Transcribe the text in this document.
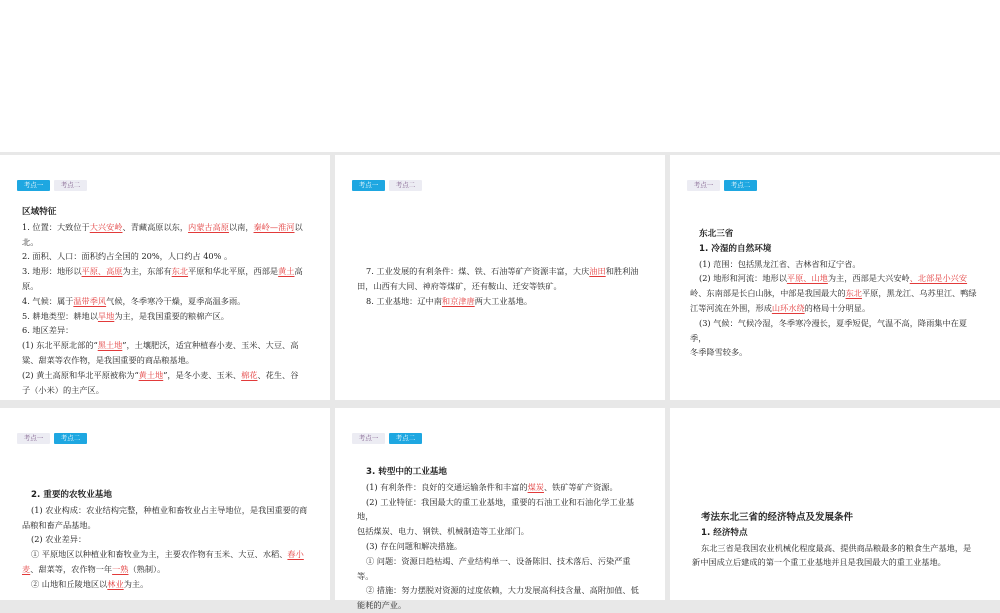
考点一	考点二

区域特征

1. 位置：大致位于大兴安岭、青藏高原以东，内蒙古高原以南，秦岭—淮河以

北。

2. 面积、人口：面积约占全国的 20%，人口约占 40% 。

3. 地形：地形以平原、高原为主，东部有东北平原和华北平原，西部是黄土高

原。

4. 气候：属于温带季风气候，冬季寒冷干燥，夏季高温多雨。

5. 耕地类型：耕地以旱地为主，是我国重要的粮棉产区。

6. 地区差异：

(1) 东北平原北部的“黑土地”，土壤肥沃，适宜种植春小麦、玉米、大豆、高

粱、甜菜等农作物，是我国重要的商品粮基地。

(2) 黄土高原和华北平原被称为“黄土地”，是冬小麦、玉米、棉花、花生、谷

子（小米）的主产区。

考点一	考点二

7. 工业发展的有利条件：煤、铁、石油等矿产资源丰富，大庆油田和胜利油

田，山西有大同、神府等煤矿，还有鞍山、迁安等铁矿。

8. 工业基地：辽中南和京津唐两大工业基地。

考点一	考点二

东北三省

1. 冷湿的自然环境

(1) 范围：包括黑龙江省、吉林省和辽宁省。

(2) 地形和河流：地形以平原、山地为主，西部是大兴安岭、北部是小兴安

岭、东南部是长白山脉，中部是我国最大的东北平原，黑龙江、乌苏里江、鸭绿

江等河流在外围，形成山环水绕的格局十分明显。

(3) 气候：气候冷湿，冬季寒冷漫长，夏季短促，气温不高，降雨集中在夏季，

冬季降雪较多。

考点一	考点二

2. 重要的农牧业基地

(1) 农业构成：农业结构完整，种植业和畜牧业占主导地位，是我国重要的商

品粮和畜产品基地。

(2) 农业差异：

① 平原地区以种植业和畜牧业为主，主要农作物有玉米、大豆、水稻、春小

麦、甜菜等，农作物一年一熟（熟制）。

② 山地和丘陵地区以林业为主。

考点一	考点二

3. 转型中的工业基地

(1) 有利条件：良好的交通运输条件和丰富的煤炭、铁矿等矿产资源。

(2) 工业特征：我国最大的重工业基地，重要的石油工业和石油化学工业基地，

包括煤炭、电力、钢铁、机械制造等工业部门。

(3) 存在问题和解决措施。

① 问题：资源日趋枯竭、产业结构单一、设备陈旧、技术落后、污染严重

等。

② 措施：努力摆脱对资源的过度依赖，大力发展高科技含量、高附加值、低

能耗的产业。

考法东北三省的经济特点及发展条件

1. 经济特点

东北三省是我国农业机械化程度最高、提供商品粮最多的粮食生产基地，是

新中国成立后建成的第一个重工业基地并且是我国最大的重工业基地。
